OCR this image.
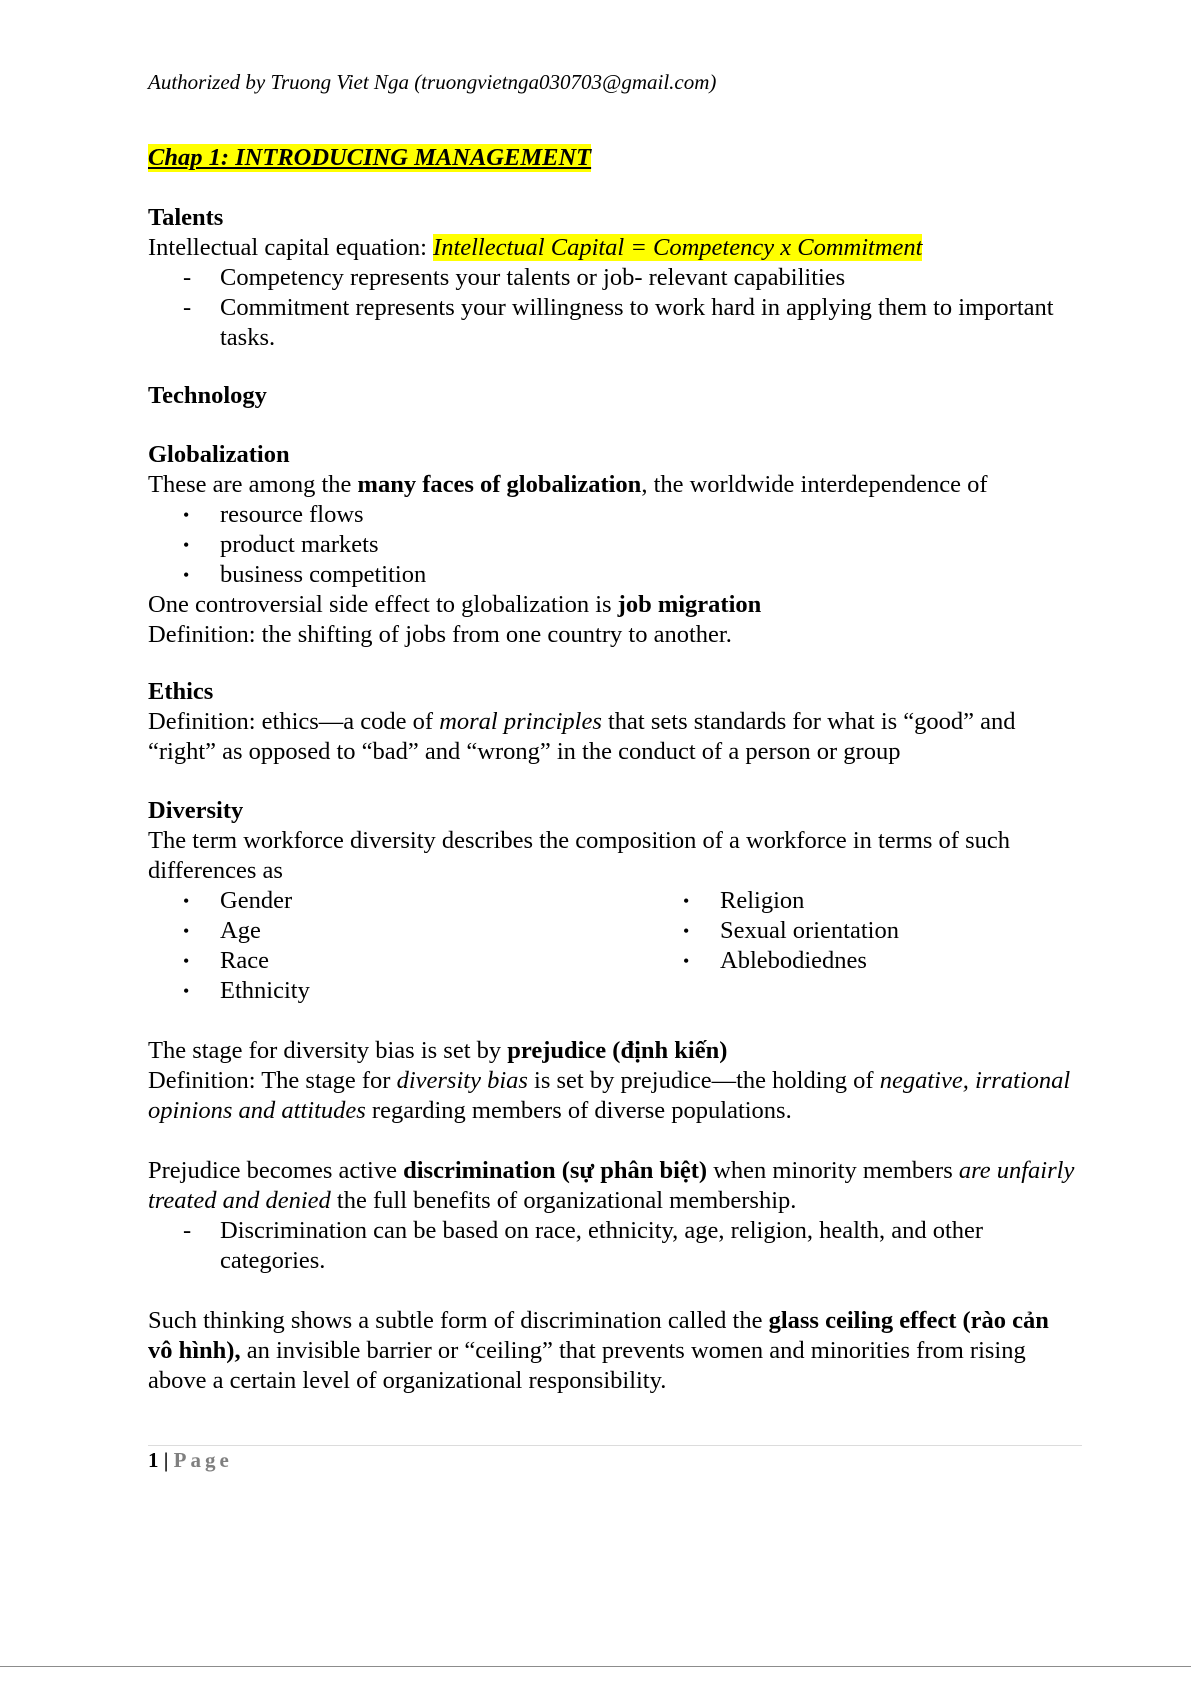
Authorized by Truong Viet Nga (truongvietnga030703@gmail.com)
Chap 1: INTRODUCING MANAGEMENT

Talents

Intellectual capital equation: Intellectual Capital = Competency x Commitment

- Competency represents your talents or job- relevant capabilities
- Commitment represents your willingness to work hard in applying them to important tasks.

Technology

Globalization

These are among the many faces of globalization, the worldwide interdependence of

• resource flows
• product markets
• business competition

One controversial side effect to globalization is job migration

Definition: the shifting of jobs from one country to another.

Ethics

Definition: ethics—a code of moral principles that sets standards for what is “good” and “right” as opposed to “bad” and “wrong” in the conduct of a person or group

Diversity

The term workforce diversity describes the composition of a workforce in terms of such differences as

• Gender
• Age
• Race
• Ethnicity
• Religion
• Sexual orientation
• Ablebodiednes

The stage for diversity bias is set by prejudice (định kiến)

Definition: The stage for diversity bias is set by prejudice—the holding of negative, irrational opinions and attitudes regarding members of diverse populations.

Prejudice becomes active discrimination (sự phân biệt) when minority members are unfairly treated and denied the full benefits of organizational membership.

- Discrimination can be based on race, ethnicity, age, religion, health, and other categories.

Such thinking shows a subtle form of discrimination called the glass ceiling effect (rào cản vô hình), an invisible barrier or “ceiling” that prevents women and minorities from rising above a certain level of organizational responsibility.

1 | Page
